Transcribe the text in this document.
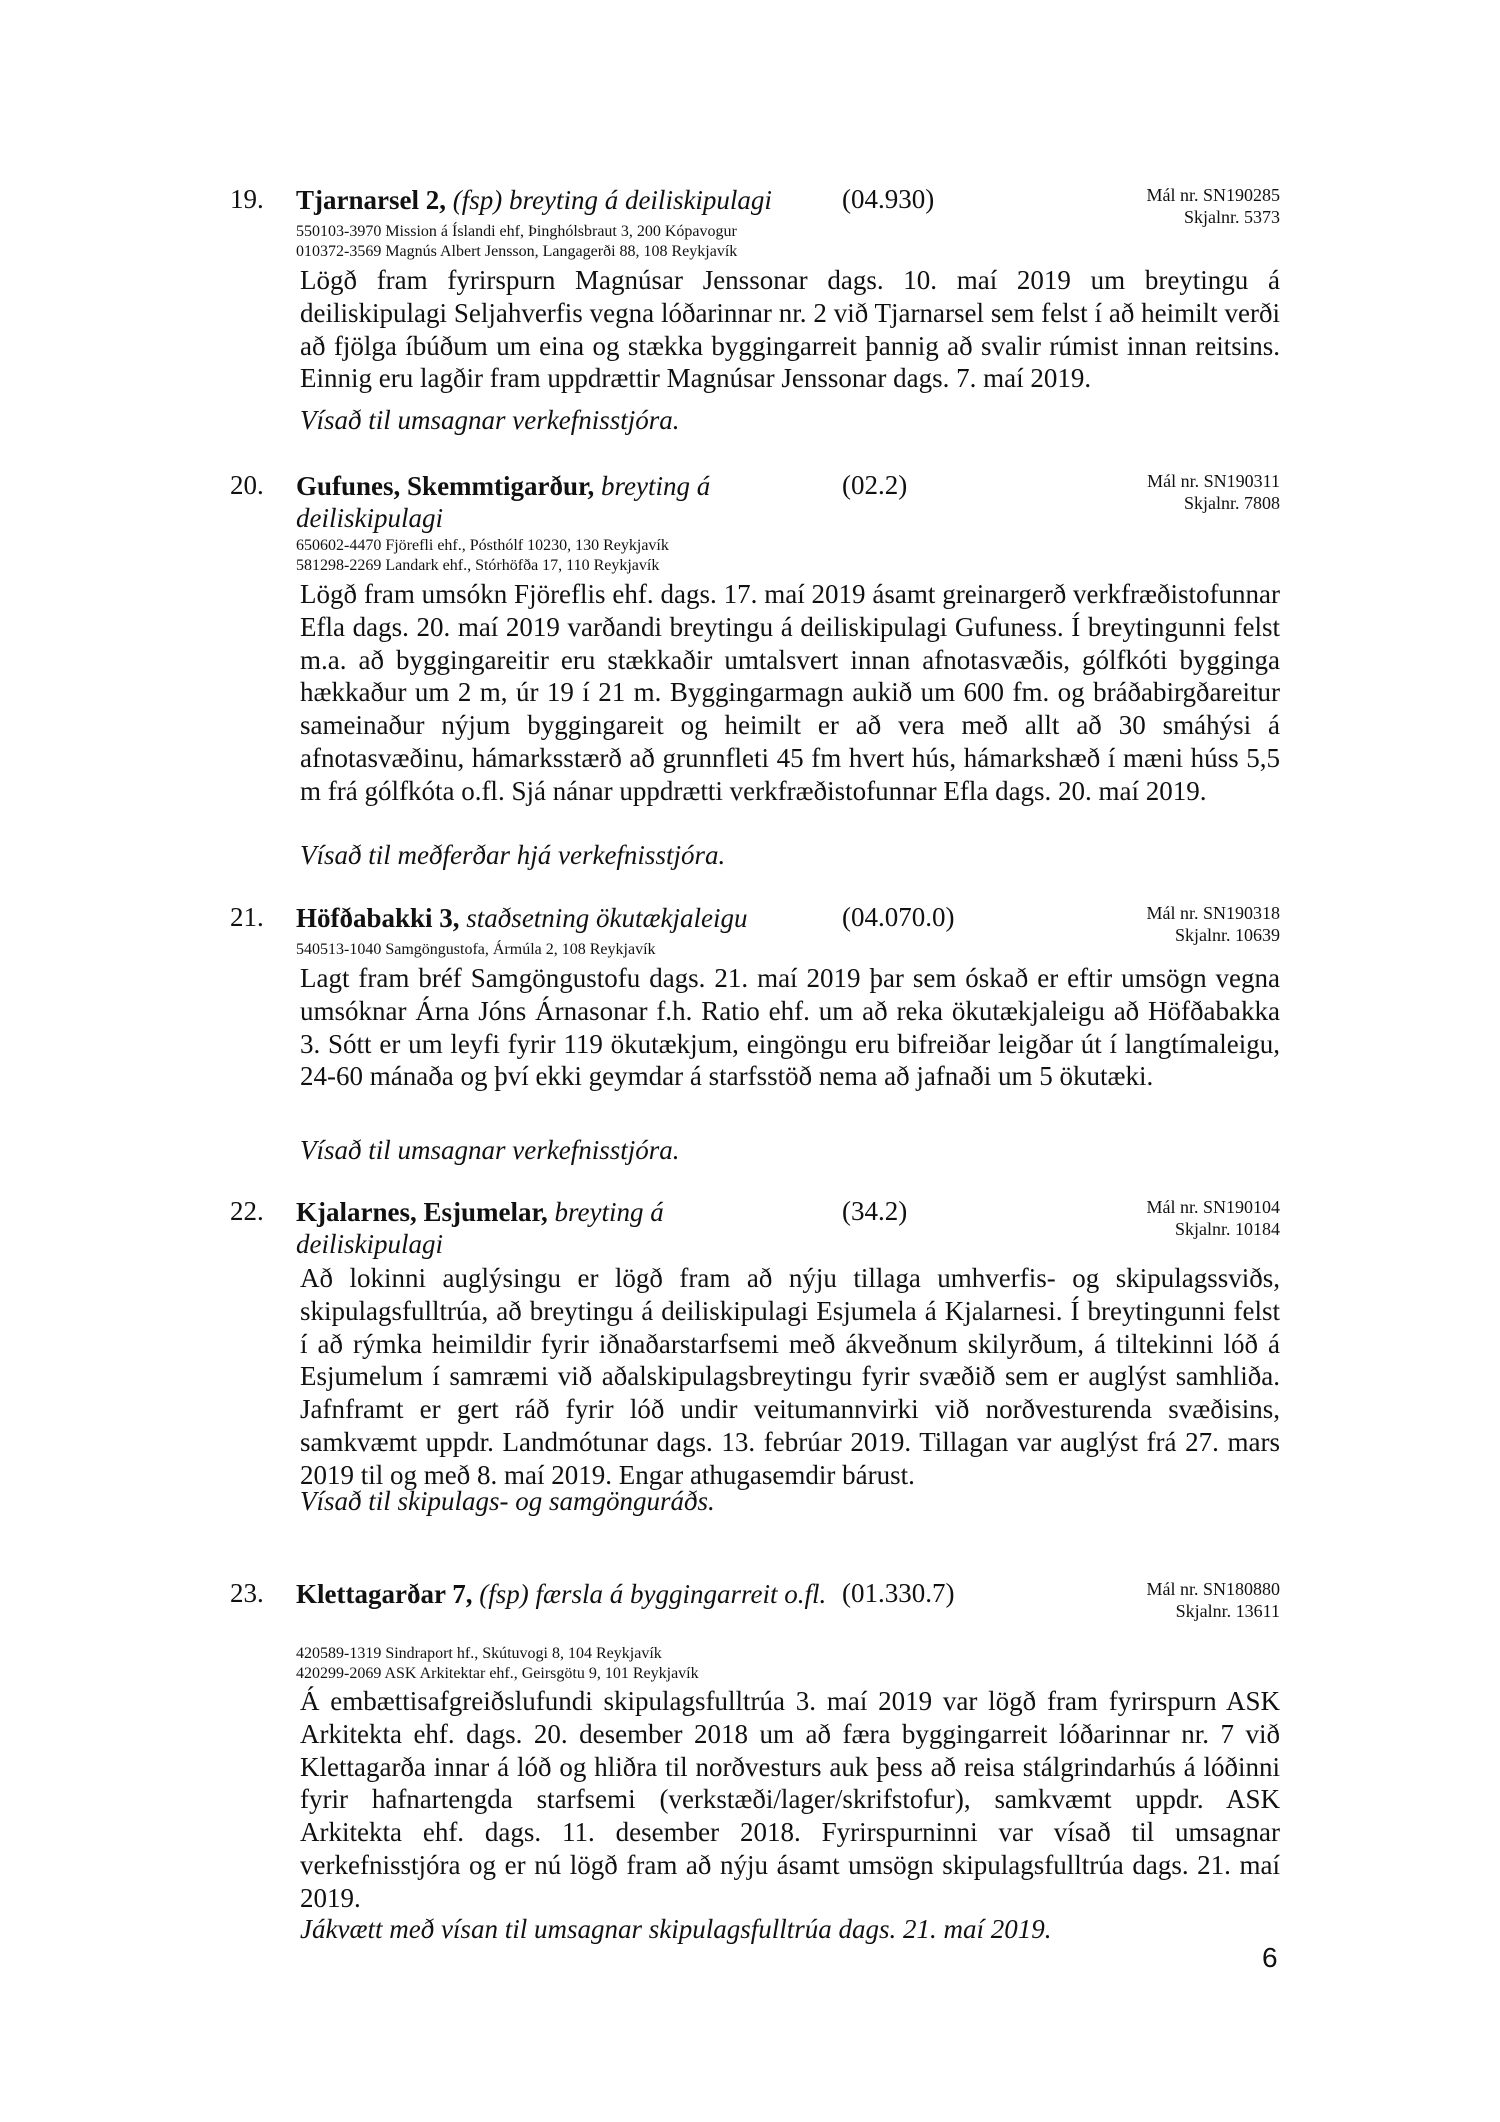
19. Tjarnarsel 2, (fsp) breyting á deiliskipulagi	(04.930)	Mál nr. SN190285
Skjalnr. 5373
550103-3970 Mission á Íslandi ehf, Þinghólsbraut 3, 200 Kópavogur
010372-3569 Magnús Albert Jensson, Langagerði 88, 108 Reykjavík

Lögð fram fyrirspurn Magnúsar Jenssonar dags. 10. maí 2019 um breytingu á deiliskipulagi Seljahverfis vegna lóðarinnar nr. 2 við Tjarnarsel sem felst í að heimilt verði að fjölga íbúðum um eina og stækka byggingarreit þannig að svalir rúmist innan reitsins. Einnig eru lagðir fram uppdrættir Magnúsar Jenssonar dags. 7. maí 2019.

Vísað til umsagnar verkefnisstjóra.
20. Gufunes, Skemmtigarður, breyting á deiliskipulagi
(02.2)	Mál nr. SN190311
Skjalnr. 7808
650602-4470 Fjörefli ehf., Pósthólf 10230, 130 Reykjavík
581298-2269 Landark ehf., Stórhöfða 17, 110 Reykjavík

Lögð fram umsókn Fjöreflis ehf. dags. 17. maí 2019 ásamt greinargerð verkfræðistofunnar Efla dags. 20. maí 2019 varðandi breytingu á deiliskipulagi Gufuness. Í breytingunni felst m.a. að byggingareitir eru stækkaðir umtalsvert innan afnotasvæðis, gólfkóti bygginga hækkaður um 2 m, úr 19 í 21 m. Byggingarmagn aukið um 600 fm. og bráðabirgðareitur sameinaður nýjum byggingareit og heimilt er að vera með allt að 30 smáhýsi á afnotasvæðinu, hámarksstærð að grunnfleti 45 fm hvert hús, hámarkshæð í mæni húss 5,5 m frá gólfkóta o.fl. Sjá nánar uppdrætti verkfræðistofunnar Efla dags. 20. maí 2019.

Vísað til meðferðar hjá verkefnisstjóra.
21. Höfðabakki 3, staðsetning ökutækjaleigu	(04.070.0)	Mál nr. SN190318
Skjalnr. 10639
540513-1040 Samgöngustofa, Ármúla 2, 108 Reykjavík

Lagt fram bréf Samgöngustofu dags. 21. maí 2019 þar sem óskað er eftir umsögn vegna umsóknar Árna Jóns Árnasonar f.h. Ratio ehf. um að reka ökutækjaleigu að Höfðabakka 3. Sótt er um leyfi fyrir 119 ökutækjum, eingöngu eru bifreiðar leigðar út í langtímaleigu, 24-60 mánaða og því ekki geymdar á starfsstöð nema að jafnaði um 5 ökutæki.

Vísað til umsagnar verkefnisstjóra.
22. Kjalarnes, Esjumelar, breyting á deiliskipulagi
(34.2)	Mál nr. SN190104
Skjalnr. 10184

Að lokinni auglýsingu er lögð fram að nýju tillaga umhverfis- og skipulagssviðs, skipulagsfulltrúa, að breytingu á deiliskipulagi Esjumela á Kjalarnesi. Í breytingunni felst í að rýmka heimildir fyrir iðnaðarstarfsemi með ákveðnum skilyrðum, á tiltekinni lóð á Esjumelum í samræmi við aðalskipulagsbreytingu fyrir svæðið sem er auglýst samhliða. Jafnframt er gert ráð fyrir lóð undir veitumannvirki við norðvesturenda svæðisins, samkvæmt uppdr. Landmótunar dags. 13. febrúar 2019. Tillagan var auglýst frá 27. mars 2019 til og með 8. maí 2019. Engar athugasemdir bárust.

Vísað til skipulags- og samgönguráðs.
23. Klettagarðar 7, (fsp) færsla á byggingarreit o.fl. (01.330.7)	Mál nr. SN180880
Skjalnr. 13611
420589-1319 Sindraport hf., Skútuvogi 8, 104 Reykjavík
420299-2069 ASK Arkitektar ehf., Geirsgötu 9, 101 Reykjavík

Á embættisafgreiðslufundi skipulagsfulltrúa 3. maí 2019 var lögð fram fyrirspurn ASK Arkitekta ehf. dags. 20. desember 2018 um að færa byggingarreit lóðarinnar nr. 7 við Klettagarða innar á lóð og hliðra til norðvesturs auk þess að reisa stálgrindarhús á lóðinni fyrir hafnartengda starfsemi (verkstæði/lager/skrifstofur), samkvæmt uppdr. ASK Arkitekta ehf. dags. 11. desember 2018. Fyrirspurninni var vísað til umsagnar verkefnisstjóra og er nú lögð fram að nýju ásamt umsögn skipulagsfulltrúa dags. 21. maí 2019.

Jákvætt með vísan til umsagnar skipulagsfulltrúa dags. 21. maí 2019.
6
